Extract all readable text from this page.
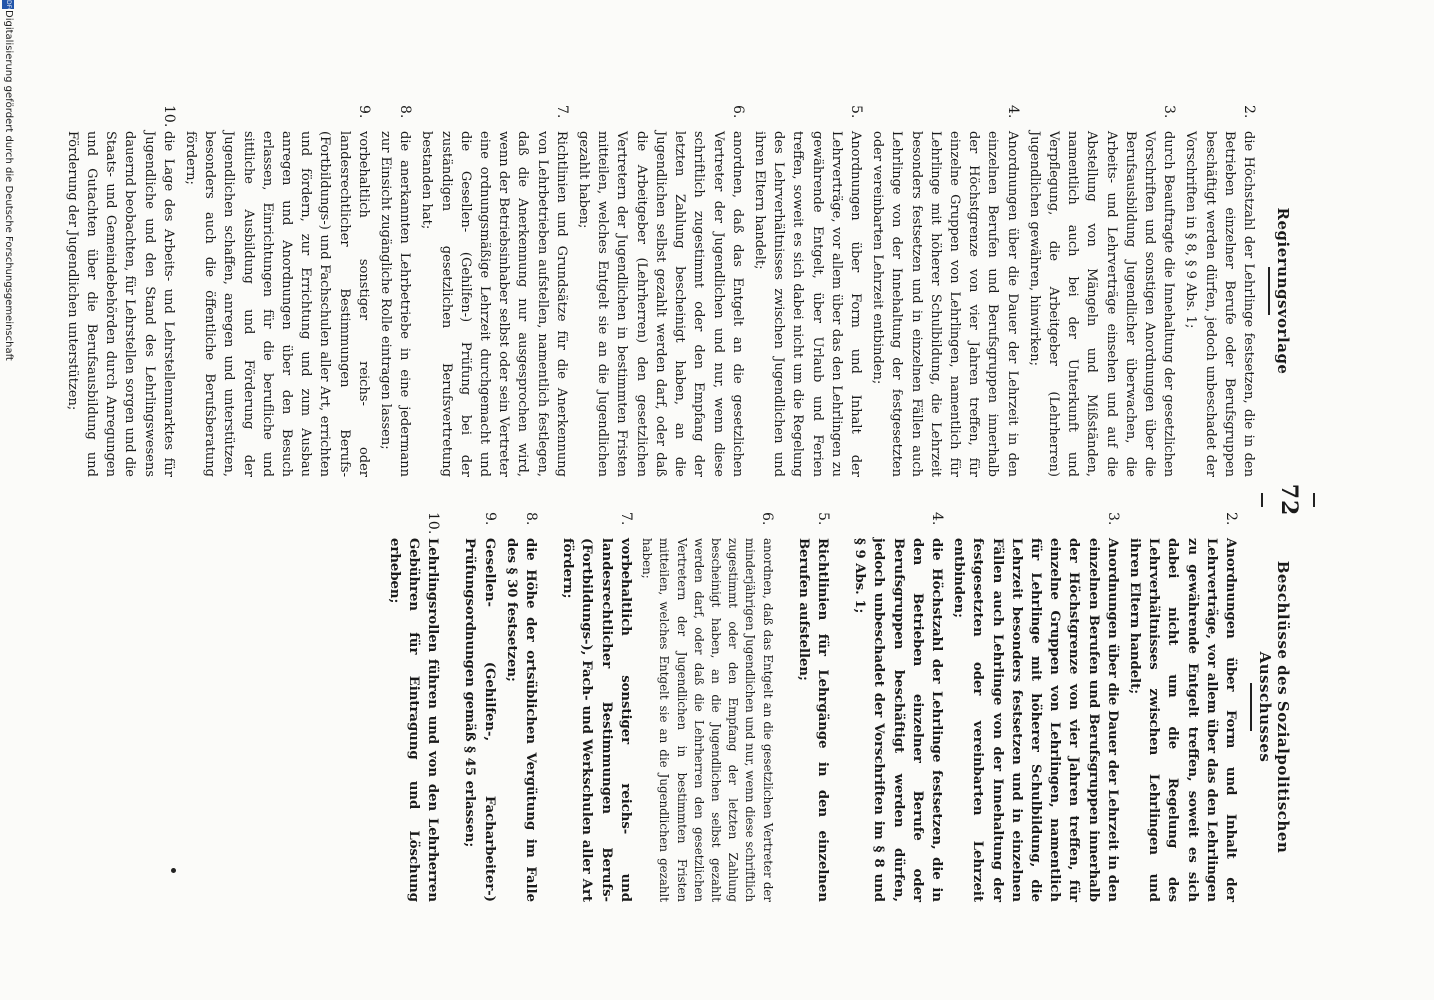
72
Regierungsvorlage
2.
die Höchstzahl der Lehrlinge festsetzen, die in den Betrieben einzelner Berufe oder Berufsgruppen beschäftigt werden dürfen, jedoch unbeschadet der Vorschriften in § 8, § 9 Abs. 1;
3.
durch Beauftragte die Innehaltung der gesetzlichen Vorschriften und sonstigen Anordnungen über die Berufsausbildung Jugendlicher überwachen, die Arbeits- und Lehrverträge einsehen und auf die Abstellung von Mängeln und Mißständen, namentlich auch bei der Unterkunft und Verpflegung, die Arbeitgeber (Lehrherren) Jugendlichen gewähren, hinwirken;
4.
Anordnungen über die Dauer der Lehrzeit in den einzelnen Berufen und Berufsgruppen innerhalb der Höchstgrenze von vier Jahren treffen, für einzelne Gruppen von Lehrlingen, namentlich für Lehrlinge mit höherer Schulbildung, die Lehrzeit besonders festsetzen und in einzelnen Fällen auch Lehrlinge von der Innehaltung der festgesetzten oder vereinbarten Lehrzeit entbinden;
5.
Anordnungen über Form und Inhalt der Lehrverträge, vor allem über das den Lehrlingen zu gewährende Entgelt, über Urlaub und Ferien treffen, soweit es sich dabei nicht um die Regelung des Lehrverhältnisses zwischen Jugendlichen und ihren Eltern handelt;
6.
anordnen, daß das Entgelt an die gesetzlichen Vertreter der Jugendlichen und nur, wenn diese schriftlich zugestimmt oder den Empfang der letzten Zahlung bescheinigt haben, an die Jugendlichen selbst gezahlt werden darf, oder daß die Arbeitgeber (Lehrherren) den gesetzlichen Vertretern der Jugendlichen in bestimmten Fristen mitteilen, welches Entgelt sie an die Jugendlichen gezahlt haben;
7.
Richtlinien und Grundsätze für die Anerkennung von Lehrbetrieben aufstellen, namentlich festlegen, daß die Anerkennung nur ausgesprochen wird, wenn der Betriebsinhaber selbst oder sein Vertreter eine ordnungsmäßige Lehrzeit durchgemacht und die Gesellen- (Gehilfen-) Prüfung bei der zuständigen gesetzlichen Berufsvertretung bestanden hat;
8.
die anerkannten Lehrbetriebe in eine jedermann zur Einsicht zugängliche Rolle eintragen lassen;
9.
vorbehaltlich sonstiger reichs- oder landesrechtlicher Bestimmungen Berufs- (Fortbildungs-) und Fachschulen aller Art, errichten und fördern, zur Errichtung und zum Ausbau anregen und Anordnungen über den Besuch erlassen, Einrichtungen für die berufliche und sittliche Ausbildung und Förderung der Jugendlichen schaffen, anregen und unterstützen, besonders auch die öffentliche Berufsberatung fördern;
10.
die Lage des Arbeits- und Lehrstellenmarktes für Jugendliche und den Stand des Lehrlingswesens dauernd beobachten, für Lehrstellen sorgen und die Staats- und Gemeindebehörden durch Anregungen und Gutachten über die Berufsausbildung und Förderung der Jugendlichen unterstützen;
Beschlüsse des Sozialpolitischen Ausschusses
2.
Anordnungen über Form und Inhalt der Lehrverträge, vor allem über das den Lehrlingen zu gewährende Entgelt treffen, soweit es sich dabei nicht um die Regelung des Lehrverhältnisses zwischen Lehrlingen und ihren Eltern handelt;
3.
Anordnungen über die Dauer der Lehrzeit in den einzelnen Berufen und Berufsgruppen innerhalb der Höchstgrenze von vier Jahren treffen, für einzelne Gruppen von Lehrlingen, namentlich für Lehrlinge mit höherer Schulbildung, die Lehrzeit besonders festsetzen und in einzelnen Fällen auch Lehrlinge von der Innehaltung der festgesetzten oder vereinbarten Lehrzeit entbinden;
4.
die Höchstzahl der Lehrlinge festsetzen, die in den Betrieben einzelner Berufe oder Berufsgruppen beschäftigt werden dürfen, jedoch unbeschadet der Vorschriften im § 8 und § 9 Abs. 1;
5.
Richtlinien für Lehrgänge in den einzelnen Berufen aufstellen;
6.
anordnen, daß das Entgelt an die gesetzlichen Vertreter der minderjährigen Jugendlichen und nur, wenn diese schriftlich zugestimmt oder den Empfang der letzten Zahlung bescheinigt haben, an die Jugendlichen selbst gezahlt werden darf, oder daß die Lehrherren den gesetzlichen Vertretern der Jugendlichen in bestimmten Fristen mitteilen, welches Entgelt sie an die Jugendlichen gezahlt haben;
7.
vorbehaltlich sonstiger reichs- und landesrechtlicher Bestimmungen Berufs- (Fortbildungs-), Fach- und Werkschulen aller Art fördern;
8.
die Höhe der ortsüblichen Vergütung im Falle des § 30 festsetzen;
9.
Gesellen- (Gehilfen-, Facharbeiter-) Prüfungsordnungen gemäß § 45 erlassen;
10.
Lehrlingsrollen führen und von den Lehrherren Gebühren für Eintragung und Löschung erheben;
DFG
Digitalisierung gefördert durch die Deutsche Forschungsgemeinschaft
